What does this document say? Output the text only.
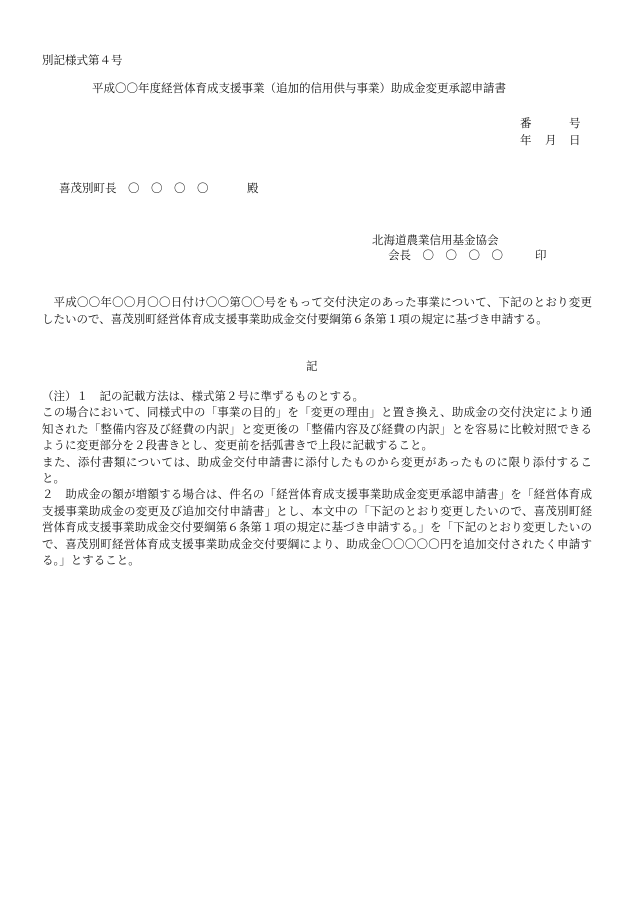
別記様式第４号
平成〇〇年度経営体育成支援事業（追加的信用供与事業）助成金変更承認申請書
番	号
年 月 日
喜茂別町長　〇　〇　〇　〇	殿
北海道農業信用基金協会
会長　〇　〇　〇　〇	印
平成〇〇年〇〇月〇〇日付け〇〇第〇〇号をもって交付決定のあった事業について、下記のとおり変更したいので、喜茂別町経営体育成支援事業助成金交付要綱第６条第１項の規定に基づき申請する。
記

（注）１　記の記載方法は、様式第２号に準ずるものとする。

この場合において、同様式中の「事業の目的」を「変更の理由」と置き換え、助成金の交付決定により通知された「整備内容及び経費の内訳」と変更後の「整備内容及び経費の内訳」とを容易に比較対照できるように変更部分を２段書きとし、変更前を括弧書きで上段に記載すること。

また、添付書類については、助成金交付申請書に添付したものから変更があったものに限り添付すること。

２　助成金の額が増額する場合は、件名の「経営体育成支援事業助成金変更承認申請書」を「経営体育成支援事業助成金の変更及び追加交付申請書」とし、本文中の「下記のとおり変更したいので、喜茂別町経営体育成支援事業助成金交付要綱第６条第１項の規定に基づき申請する。」を「下記のとおり変更したいので、喜茂別町経営体育成支援事業助成金交付要綱により、助成金〇〇〇〇〇円を追加交付されたく申請する。」とすること。
